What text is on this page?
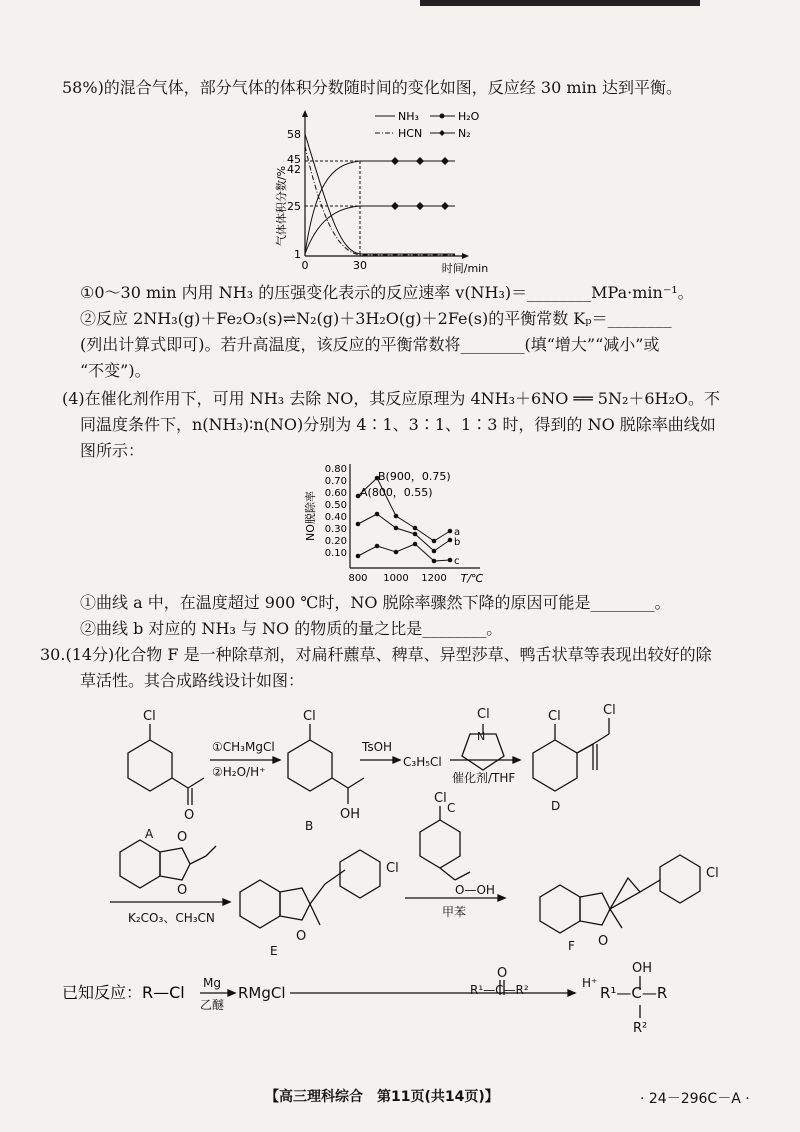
58%)的混合气体，部分气体的体积分数随时间的变化如图，反应经 30 min 达到平衡。
气体体积分数/%
时间/min
58
45
42
25
1
0	30
NH₃	H₂O
HCN	N₂
①0～30 min 内用 NH₃ 的压强变化表示的反应速率 v(NH₃)＝________MPa·min⁻¹。
②反应 2NH₃(g)＋Fe₂O₃(s)⇌N₂(g)＋3H₂O(g)＋2Fe(s)的平衡常数 Kₚ＝________
(列出计算式即可)。若升高温度，该反应的平衡常数将________(填“增大”“减小”或
“不变”)。
(4)在催化剂作用下，可用 NH₃ 去除 NO，其反应原理为 4NH₃＋6NO ══ 5N₂＋6H₂O。不
同温度条件下，n(NH₃)∶n(NO)分别为 4∶1、3∶1、1∶3 时，得到的 NO 脱除率曲线如
图所示：
NO脱除率
T/℃
0.80
0.70
0.60
0.50
0.40
0.30
0.20
0.10
800 1000 1200
B(900，0.75)
A(800，0.55)
a
b
c
①曲线 a 中，在温度超过 900 ℃时，NO 脱除率骤然下降的原因可能是________。
②曲线 b 对应的 NH₃ 与 NO 的物质的量之比是________。
30.(14分)化合物 F 是一种除草剂，对扁秆藨草、稗草、异型莎草、鸭舌状草等表现出较好的除
草活性。其合成路线设计如图：
Cl
O
A
①CH₃MgCl
②H₂O/H⁺
Cl
OH
B
TsOH
C₃H₅Cl
Cl
N
催化剂/THF
Cl	Cl
D
O
O
K₂CO₃、CH₃CN
Cl
O
E
Cl
O—OH
C
甲苯
Cl
O
F
已知反应：R—Cl Mg
乙醚
RMgCl
O
R¹—C—R²	H⁺
OH
R¹—C—R
R²
【高三理科综合　第11页(共14页)】	· 24－296C－A ·
